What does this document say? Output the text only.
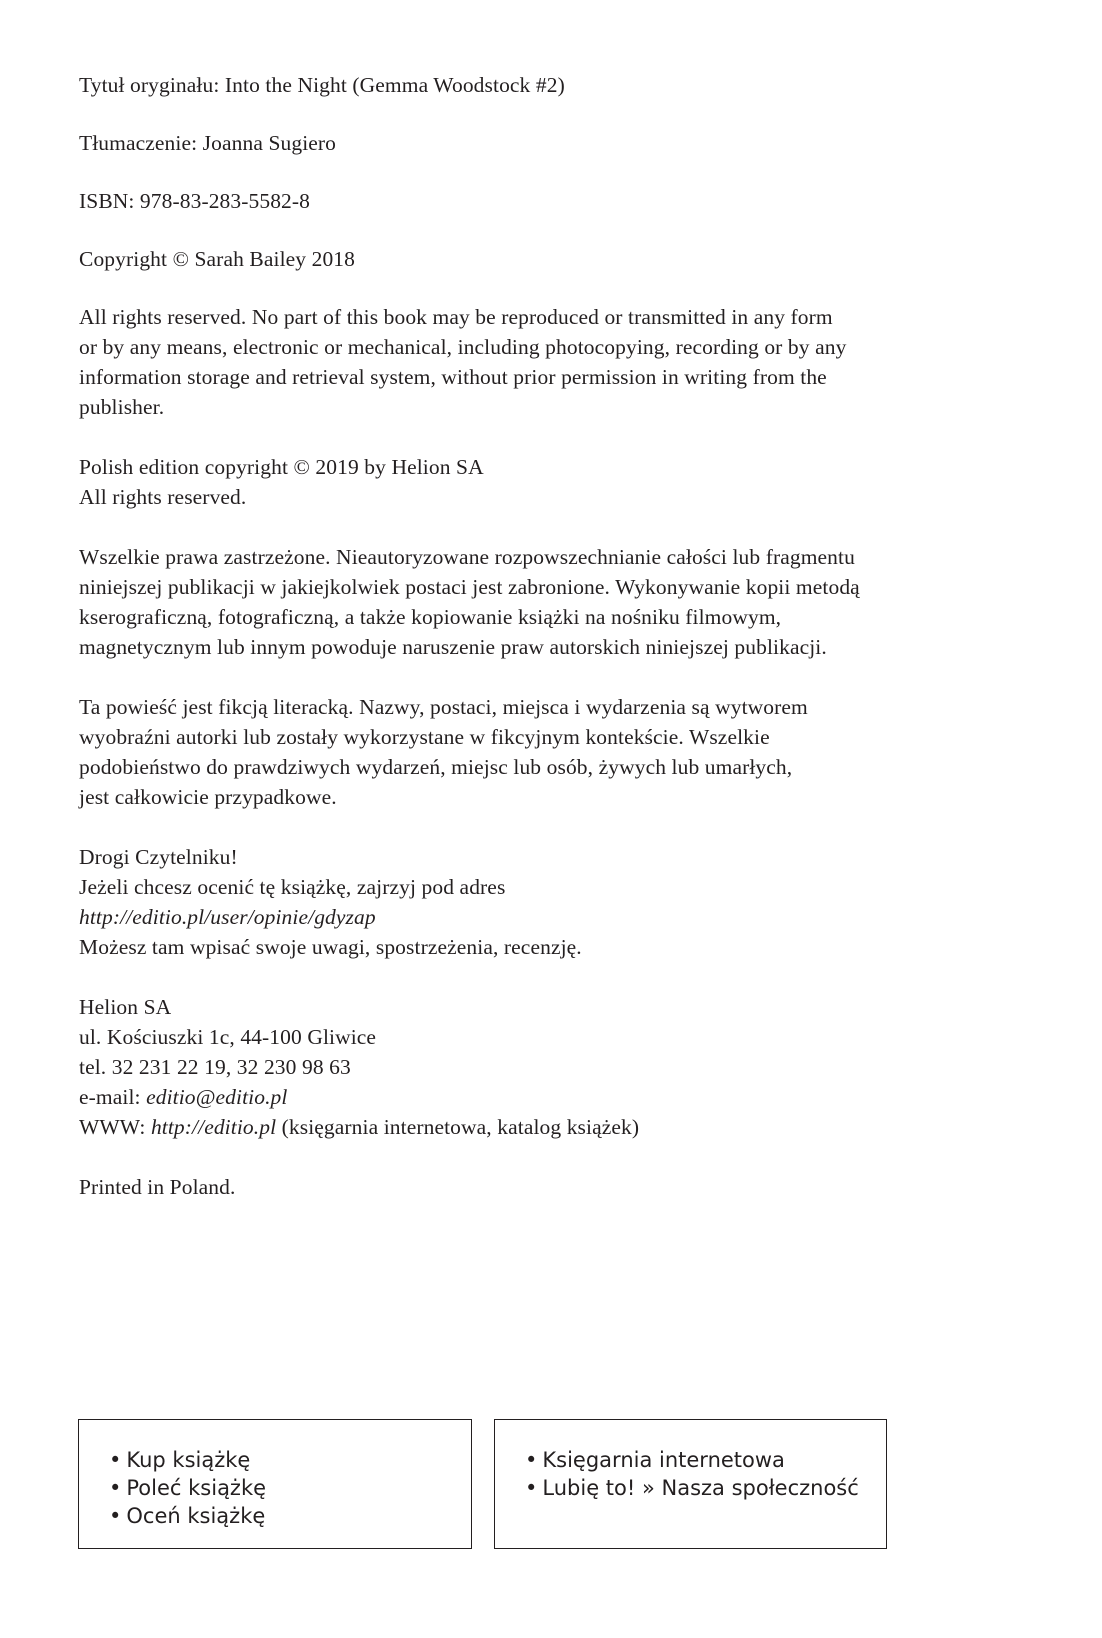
Tytuł oryginału: Into the Night (Gemma Woodstock #2)

Tłumaczenie: Joanna Sugiero

ISBN: 978-83-283-5582-8

Copyright © Sarah Bailey 2018

All rights reserved. No part of this book may be reproduced or transmitted in any form
or by any means, electronic or mechanical, including photocopying, recording or by any
information storage and retrieval system, without prior permission in writing from the
publisher.

Polish edition copyright © 2019 by Helion SA
All rights reserved.

Wszelkie prawa zastrzeżone. Nieautoryzowane rozpowszechnianie całości lub fragmentu
niniejszej publikacji w jakiejkolwiek postaci jest zabronione. Wykonywanie kopii metodą
kserograficzną, fotograficzną, a także kopiowanie książki na nośniku filmowym,
magnetycznym lub innym powoduje naruszenie praw autorskich niniejszej publikacji.

Ta powieść jest fikcją literacką. Nazwy, postaci, miejsca i wydarzenia są wytworem
wyobraźni autorki lub zostały wykorzystane w fikcyjnym kontekście. Wszelkie
podobieństwo do prawdziwych wydarzeń, miejsc lub osób, żywych lub umarłych,
jest całkowicie przypadkowe.

Drogi Czytelniku!
Jeżeli chcesz ocenić tę książkę, zajrzyj pod adres
http://editio.pl/user/opinie/gdyzap
Możesz tam wpisać swoje uwagi, spostrzeżenia, recenzję.

Helion SA
ul. Kościuszki 1c, 44-100 Gliwice
tel. 32 231 22 19, 32 230 98 63
e-mail: editio@editio.pl
WWW: http://editio.pl (księgarnia internetowa, katalog książek)

Printed in Poland.

• Kup książkę
• Poleć książkę
• Oceń książkę
• Księgarnia internetowa
• Lubię to! » Nasza społeczność
